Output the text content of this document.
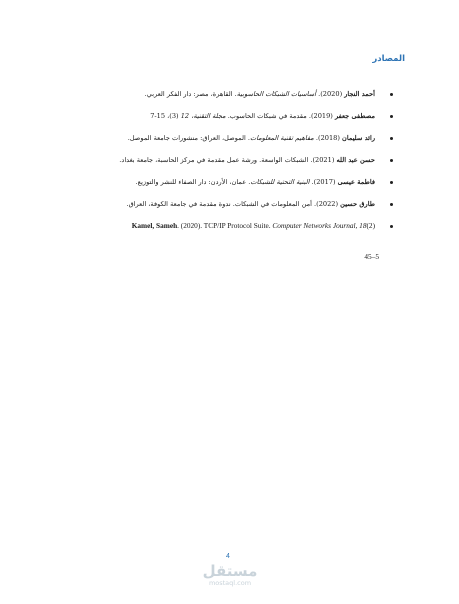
المصادر
أحمد النجار (2020). أساسيات الشبكات الحاسوبية. القاهرة، مصر: دار الفكر العربي.
مصطفى جعفر (2019). مقدمة في شبكات الحاسوب. مجلة التقنية، 12 (3)، 15-7
رائد سليمان (2018). مفاهيم تقنية المعلومات. الموصل، العراق: منشورات جامعة الموصل.
حسن عبد الله (2021). الشبكات الواسعة. ورشة عمل مقدمة في مركز الحاسبة، جامعة بغداد.
فاطمة عيسى (2017). البنية التحتية للشبكات. عمان، الأردن: دار الصفاء للنشر والتوزيع.
طارق حسين (2022). أمن المعلومات في الشبكات. ندوة مقدمة في جامعة الكوفة، العراق.
Kamel, Sameh. (2020). TCP/IP Protocol Suite. Computer Networks Journal, 18(2)
45–5
4
مستقل
mostaql.com
